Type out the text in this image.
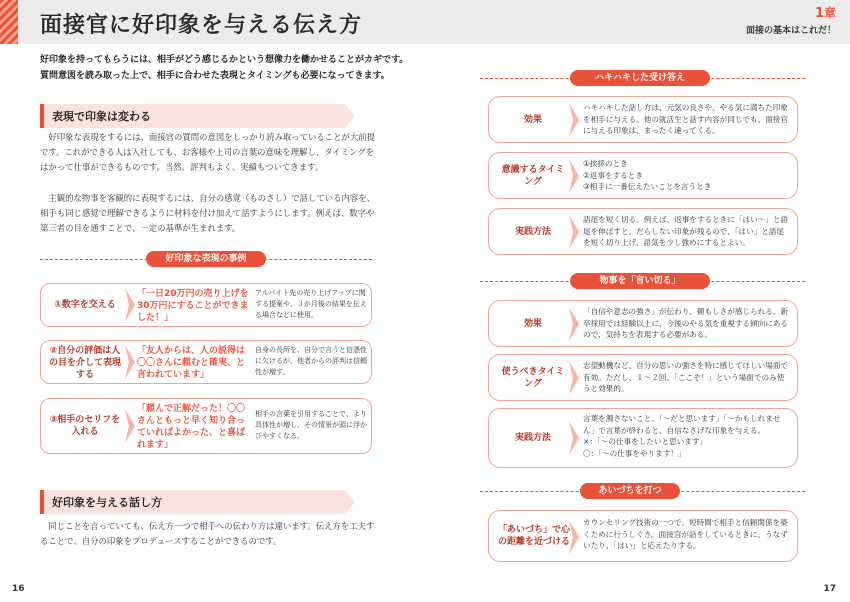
面接官に好印象を与える伝え方	1章
面接の基本はこれだ！
好印象を持ってもらうには、相手がどう感じるかという想像力を働かせることがカギです。
質問意図を読み取った上で、相手に合わせた表現とタイミングも必要になってきます。
表現で印象は変わる
好印象な表現をするには、面接官の質問の意図をしっかり読み取っていることが大前提です。これができる人は入社しても、お客様や上司の言葉の意味を理解し、タイミングをはかって仕事ができるものです。当然、評判もよく、実績もついてきます。
主観的な物事を客観的に表現するには、自分の感覚（ものさし）で話している内容を、相手も同じ感覚で理解できるように材料を付け加えて話すようにします。例えば、数字や第三者の目を通すことで、一定の基準が生まれます。
好印象な表現の事例
①数字を交える
「一日20万円の売り上げを30万円にすることができました！」
アルバイト先の売り上げアップに関する提案や、３か月後の結果を伝える場合などに使用。
②自分の評価は人の目を介して表現する
「友人からは、人の説得は〇〇さんに頼むと確実、と言われています」
自身の長所を、自分で言うと信憑性に欠けるが、他者からの評判は信頼性が増す。
③相手のセリフを入れる
「頼んで正解だった！〇〇さんともっと早く知り合っていればよかった、と喜ばれます」
相手の言葉を引用することで、より具体性が増し、その情景が頭に浮かびやすくなる。
好印象を与える話し方
同じことを言っていても、伝え方一つで相手への伝わり方は違います。伝え方を工夫することで、自分の印象をプロデュースすることができるのです。
16
ハキハキした受け答え
効果
ハキハキした話し方は、元気の良さや、やる気に満ちた印象を相手に与える。他の就活生と話す内容が同じでも、面接官に与える印象は、まったく違ってくる。
意識するタイミング
①挨拶のとき
②返事をするとき
③相手に一番伝えたいことを言うとき
実践方法
語尾を短く切る。例えば、返事をするときに「はい～」と語尾を伸ばすと、だらしない印象が残るので、「はい」と語尾を短く切り上げ、語気を少し強めにするとよい。
物事を「言い切る」
効果
「自信や意志の強さ」が伝わり、頼もしさが感じられる。新卒採用では経験以上に、今後のやる気を重視する傾向にあるので、気持ちを表現する必要がある。
使うべきタイミング
志望動機など、自分の思いの強さを特に感じてほしい場面で有効。ただし、１～２回、「ここぞ！」という場面でのみ使うと効果的。
実践方法
言葉を濁さないこと。「～だと思います」「～かもしれません」で言葉が終わると、自信なさげな印象を与える。
×：「～の仕事をしたいと思います」
〇：「～の仕事をやります！」
あいづちを打つ
「あいづち」で心の距離を近づける
カウンセリング技術の一つで、短時間で相手と信頼関係を築くために行うしぐさ。面接官が話をしているときに、うなずいたり、「はい」と応えたりする。
17
